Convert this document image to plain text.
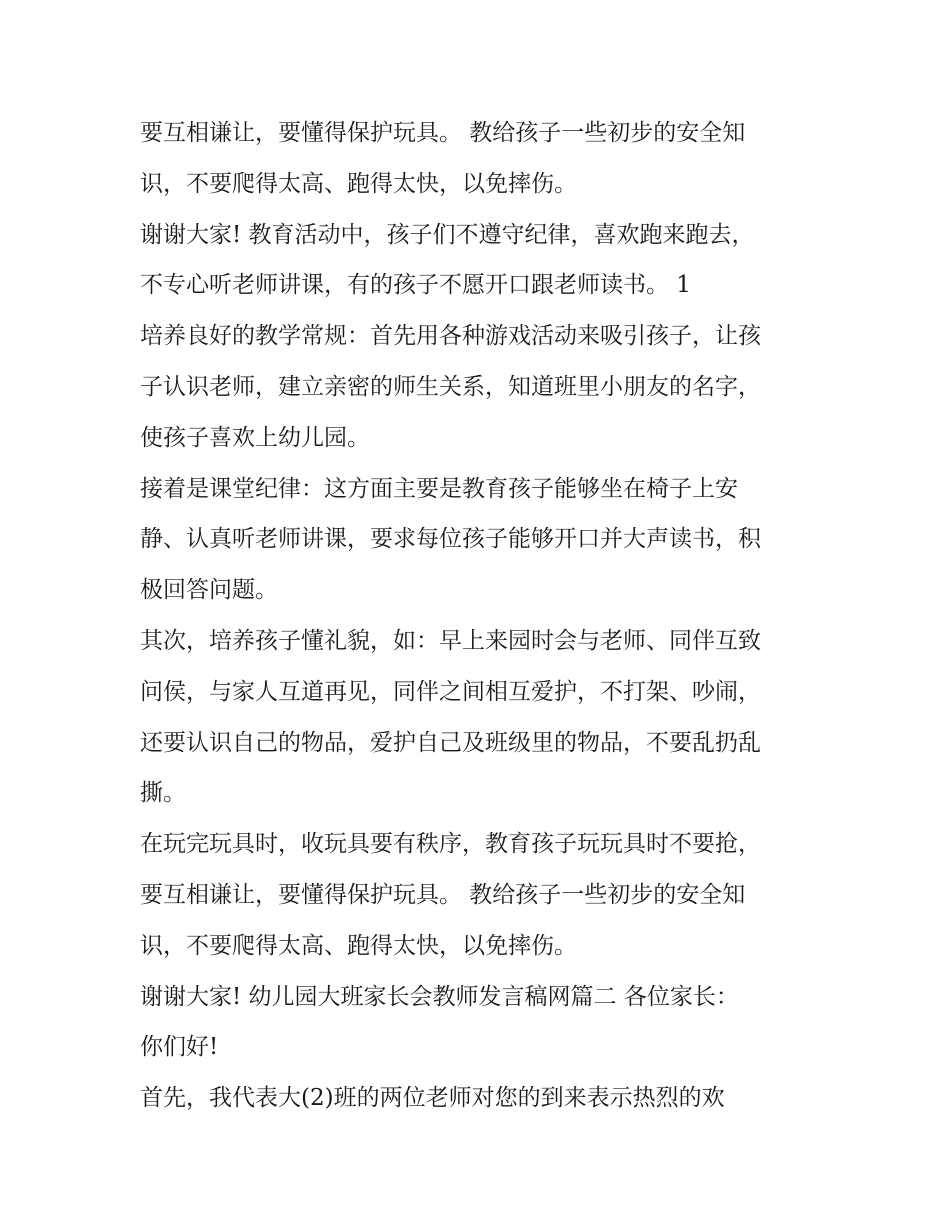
要互相谦让，要懂得保护玩具。 教给孩子一些初步的安全知
识，不要爬得太高、跑得太快，以免摔伤。
谢谢大家! 教育活动中，孩子们不遵守纪律，喜欢跑来跑去，
不专心听老师讲课，有的孩子不愿开口跟老师读书。 1
培养良好的教学常规：首先用各种游戏活动来吸引孩子，让孩
子认识老师，建立亲密的师生关系，知道班里小朋友的名字，
使孩子喜欢上幼儿园。
接着是课堂纪律：这方面主要是教育孩子能够坐在椅子上安
静、认真听老师讲课，要求每位孩子能够开口并大声读书，积
极回答问题。
其次，培养孩子懂礼貌，如：早上来园时会与老师、同伴互致
问侯，与家人互道再见，同伴之间相互爱护，不打架、吵闹，
还要认识自己的物品，爱护自己及班级里的物品，不要乱扔乱
撕。
在玩完玩具时，收玩具要有秩序，教育孩子玩玩具时不要抢，
要互相谦让，要懂得保护玩具。 教给孩子一些初步的安全知
识，不要爬得太高、跑得太快，以免摔伤。
谢谢大家! 幼儿园大班家长会教师发言稿网篇二 各位家长：
你们好!
首先，我代表大(2)班的两位老师对您的到来表示热烈的欢
